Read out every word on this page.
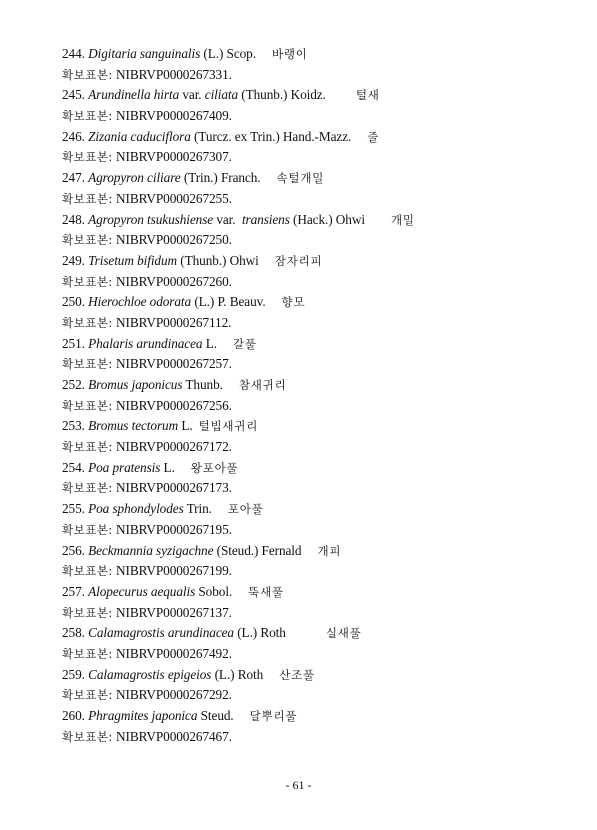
244. Digitaria sanguinalis (L.) Scop. 바랭이
확보표본: NIBRVP0000267331.
245. Arundinella hirta var. ciliata (Thunb.) Koidz.	털새
확보표본: NIBRVP0000267409.
246. Zizania caduciflora (Turcz. ex Trin.) Hand.-Mazz. 줄
확보표본: NIBRVP0000267307.
247. Agropyron ciliare (Trin.) Franch. 속털개밀
확보표본: NIBRVP0000267255.
248. Agropyron tsukushiense var. transiens (Hack.) Ohwi 개밀
확보표본: NIBRVP0000267250.
249. Trisetum bifidum (Thunb.) Ohwi 잠자리피
확보표본: NIBRVP0000267260.
250. Hierochloe odorata (L.) P. Beauv. 향모
확보표본: NIBRVP0000267112.
251. Phalaris arundinacea L. 갈풀
확보표본: NIBRVP0000267257.
252. Bromus japonicus Thunb. 참새귀리
확보표본: NIBRVP0000267256.
253. Bromus tectorum L. 털빕새귀리
확보표본: NIBRVP0000267172.
254. Poa pratensis L. 왕포아풀
확보표본: NIBRVP0000267173.
255. Poa sphondylodes Trin. 포아풀
확보표본: NIBRVP0000267195.
256. Beckmannia syzigachne (Steud.) Fernald 개피
확보표본: NIBRVP0000267199.
257. Alopecurus aequalis Sobol. 뚝새풀
확보표본: NIBRVP0000267137.
258. Calamagrostis arundinacea (L.) Roth	실새풀
확보표본: NIBRVP0000267492.
259. Calamagrostis epigeios (L.) Roth 산조풀
확보표본: NIBRVP0000267292.
260. Phragmites japonica Steud. 달뿌리풀
확보표본: NIBRVP0000267467.
- 61 -
